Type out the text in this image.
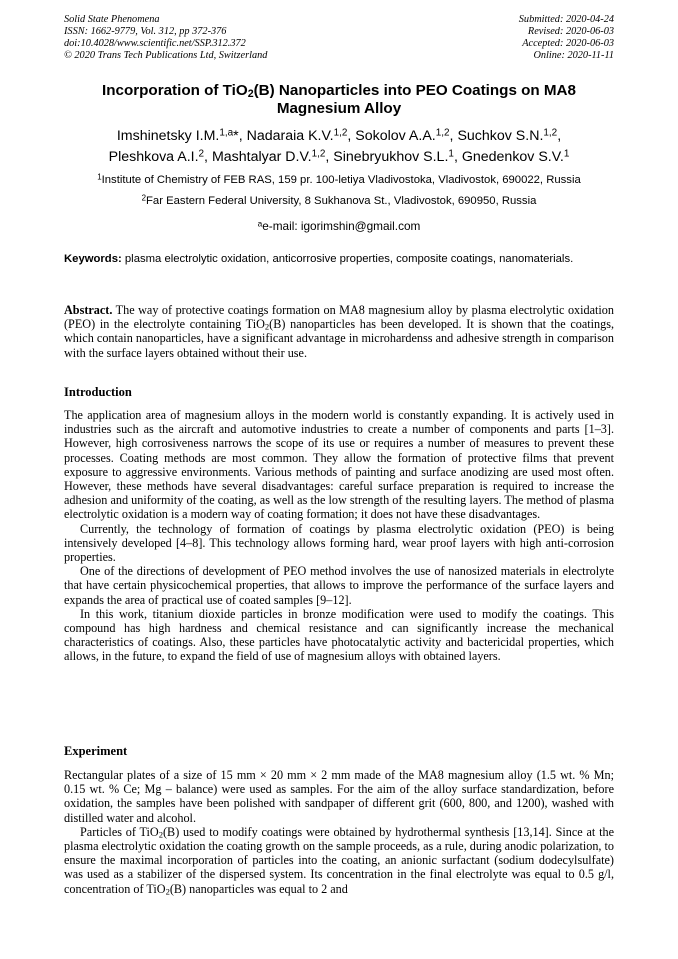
Solid State Phenomena
ISSN: 1662-9779, Vol. 312, pp 372-376
doi:10.4028/www.scientific.net/SSP.312.372
© 2020 Trans Tech Publications Ltd, Switzerland
Submitted: 2020-04-24
Revised: 2020-06-03
Accepted: 2020-06-03
Online: 2020-11-11
Incorporation of TiO$_2$(B) Nanoparticles into PEO Coatings on MA8 Magnesium Alloy
Imshinetsky I.M.$^{1,a}$*, Nadaraia K.V.$^{1,2}$, Sokolov A.A.$^{1,2}$, Suchkov S.N.$^{1,2}$,
Pleshkova A.I.$^2$, Mashtalyar D.V.$^{1,2}$, Sinebryukhov S.L.$^1$, Gnedenkov S.V.$^1$
$^1$Institute of Chemistry of FEB RAS, 159 pr. 100-letiya Vladivostoka, Vladivostok, 690022, Russia
$^2$Far Eastern Federal University, 8 Sukhanova St., Vladivostok, 690950, Russia
$^a$e-mail: igorimshin@gmail.com
Keywords: plasma electrolytic oxidation, anticorrosive properties, composite coatings, nanomaterials.

Abstract. The way of protective coatings formation on MA8 magnesium alloy by plasma electrolytic oxidation (PEO) in the electrolyte containing TiO$_2$(B) nanoparticles has been developed. It is shown that the coatings, which contain nanoparticles, have a significant advantage in microhardenss and adhesive strength in comparison with the surface layers obtained without their use.

Introduction

The application area of magnesium alloys in the modern world is constantly expanding. It is actively used in industries such as the aircraft and automotive industries to create a number of components and parts [1–3]. However, high corrosiveness narrows the scope of its use or requires a number of measures to prevent these processes. Coating methods are most common. They allow the formation of protective films that prevent exposure to aggressive environments. Various methods of painting and surface anodizing are used most often. However, these methods have several disadvantages: careful surface preparation is required to increase the adhesion and uniformity of the coating, as well as the low strength of the resulting layers. The method of plasma electrolytic oxidation is a modern way of coating formation; it does not have these disadvantages.

Currently, the technology of formation of coatings by plasma electrolytic oxidation (PEO) is being intensively developed [4–8]. This technology allows forming hard, wear proof layers with high anti-corrosion properties.

One of the directions of development of PEO method involves the use of nanosized materials in electrolyte that have certain physicochemical properties, that allows to improve the performance of the surface layers and expands the area of practical use of coated samples [9–12].

In this work, titanium dioxide particles in bronze modification were used to modify the coatings. This compound has high hardness and chemical resistance and can significantly increase the mechanical characteristics of coatings. Also, these particles have photocatalytic activity and bactericidal properties, which allows, in the future, to expand the field of use of magnesium alloys with obtained layers.

Experiment

Rectangular plates of a size of 15 mm × 20 mm × 2 mm made of the MA8 magnesium alloy (1.5 wt. % Mn; 0.15 wt. % Ce; Mg – balance) were used as samples. For the aim of the alloy surface standardization, before oxidation, the samples have been polished with sandpaper of different grit (600, 800, and 1200), washed with distilled water and alcohol.

Particles of TiO$_2$(B) used to modify coatings were obtained by hydrothermal synthesis [13,14]. Since at the plasma electrolytic oxidation the coating growth on the sample proceeds, as a rule, during anodic polarization, to ensure the maximal incorporation of particles into the coating, an anionic surfactant (sodium dodecylsulfate) was used as a stabilizer of the dispersed system. Its concentration in the final electrolyte was equal to 0.5 g/l, concentration of TiO$_2$(B) nanoparticles was equal to 2 and
